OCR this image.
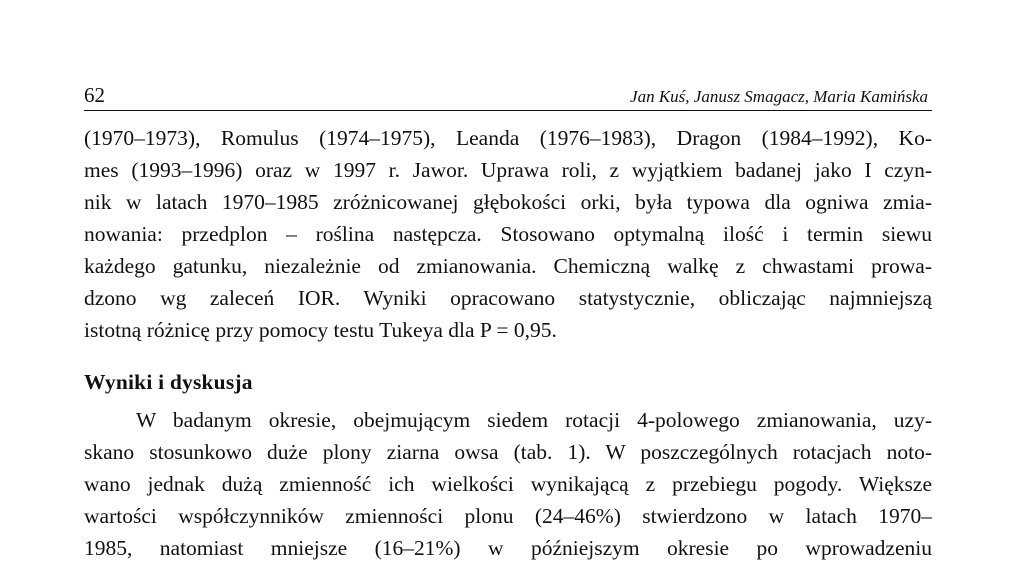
62	Jan Kuś, Janusz Smagacz, Maria Kamińska
(1970–1973), Romulus (1974–1975), Leanda (1976–1983), Dragon (1984–1992), Ko-
mes (1993–1996) oraz w 1997 r. Jawor. Uprawa roli, z wyjątkiem badanej jako I czyn-
nik w latach 1970–1985 zróżnicowanej głębokości orki, była typowa dla ogniwa zmia-
nowania: przedplon – roślina następcza. Stosowano optymalną ilość i termin siewu
każdego gatunku, niezależnie od zmianowania. Chemiczną walkę z chwastami prowa-
dzono wg zaleceń IOR. Wyniki opracowano statystycznie, obliczając najmniejszą
istotną różnicę przy pomocy testu Tukeya dla P = 0,95.
Wyniki i dyskusja
W badanym okresie, obejmującym siedem rotacji 4-polowego zmianowania, uzy-
skano stosunkowo duże plony ziarna owsa (tab. 1). W poszczególnych rotacjach noto-
wano jednak dużą zmienność ich wielkości wynikającą z przebiegu pogody. Większe
wartości współczynników zmienności plonu (24–46%) stwierdzono w latach 1970–
1985, natomiast mniejsze (16–21%) w późniejszym okresie po wprowadzeniu
